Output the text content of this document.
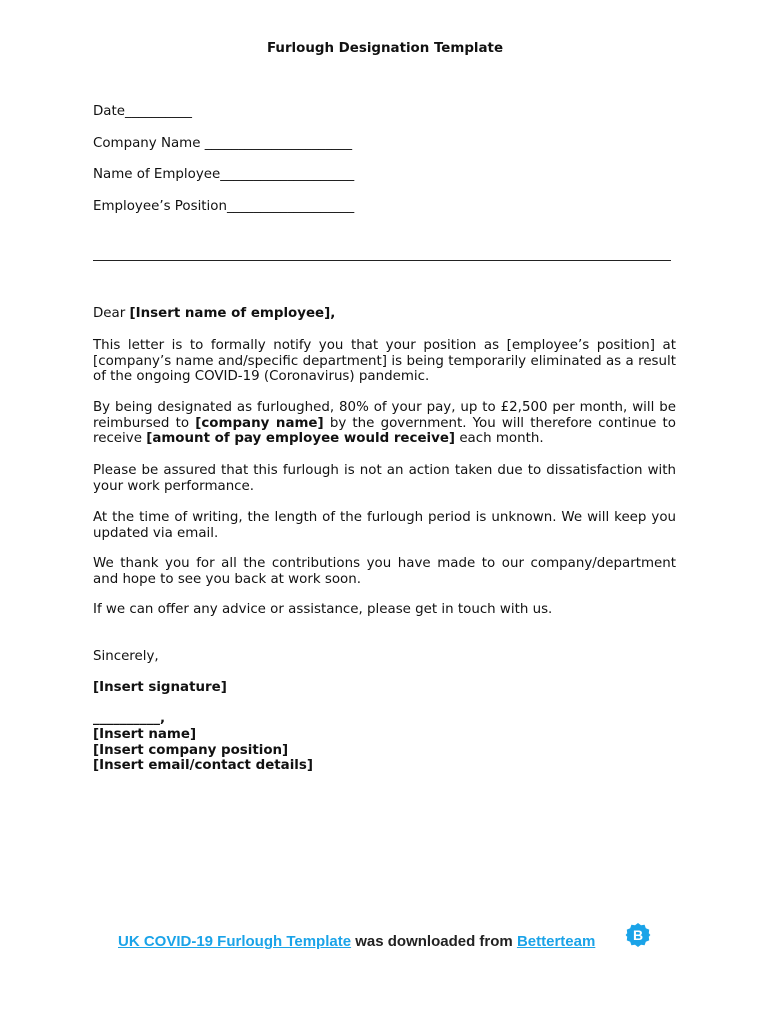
Furlough Designation Template
Date__________
Company Name ______________________
Name of Employee____________________
Employee’s Position___________________
Dear [Insert name of employee],

This letter is to formally notify you that your position as [employee’s position] at [company’s name and/specific department] is being temporarily eliminated as a result of the ongoing COVID-19 (Coronavirus) pandemic.

By being designated as furloughed, 80% of your pay, up to £2,500 per month, will be reimbursed to [company name] by the government. You will therefore continue to receive [amount of pay employee would receive] each month.

Please be assured that this furlough is not an action taken due to dissatisfaction with your work performance.

At the time of writing, the length of the furlough period is unknown. We will keep you updated via email.

We thank you for all the contributions you have made to our company/department and hope to see you back at work soon.

If we can offer any advice or assistance, please get in touch with us.

Sincerely,
[Insert signature]
__________,
[Insert name]
[Insert company position]
[Insert email/contact details]
UK COVID-19 Furlough Template was downloaded from Betterteam	B
